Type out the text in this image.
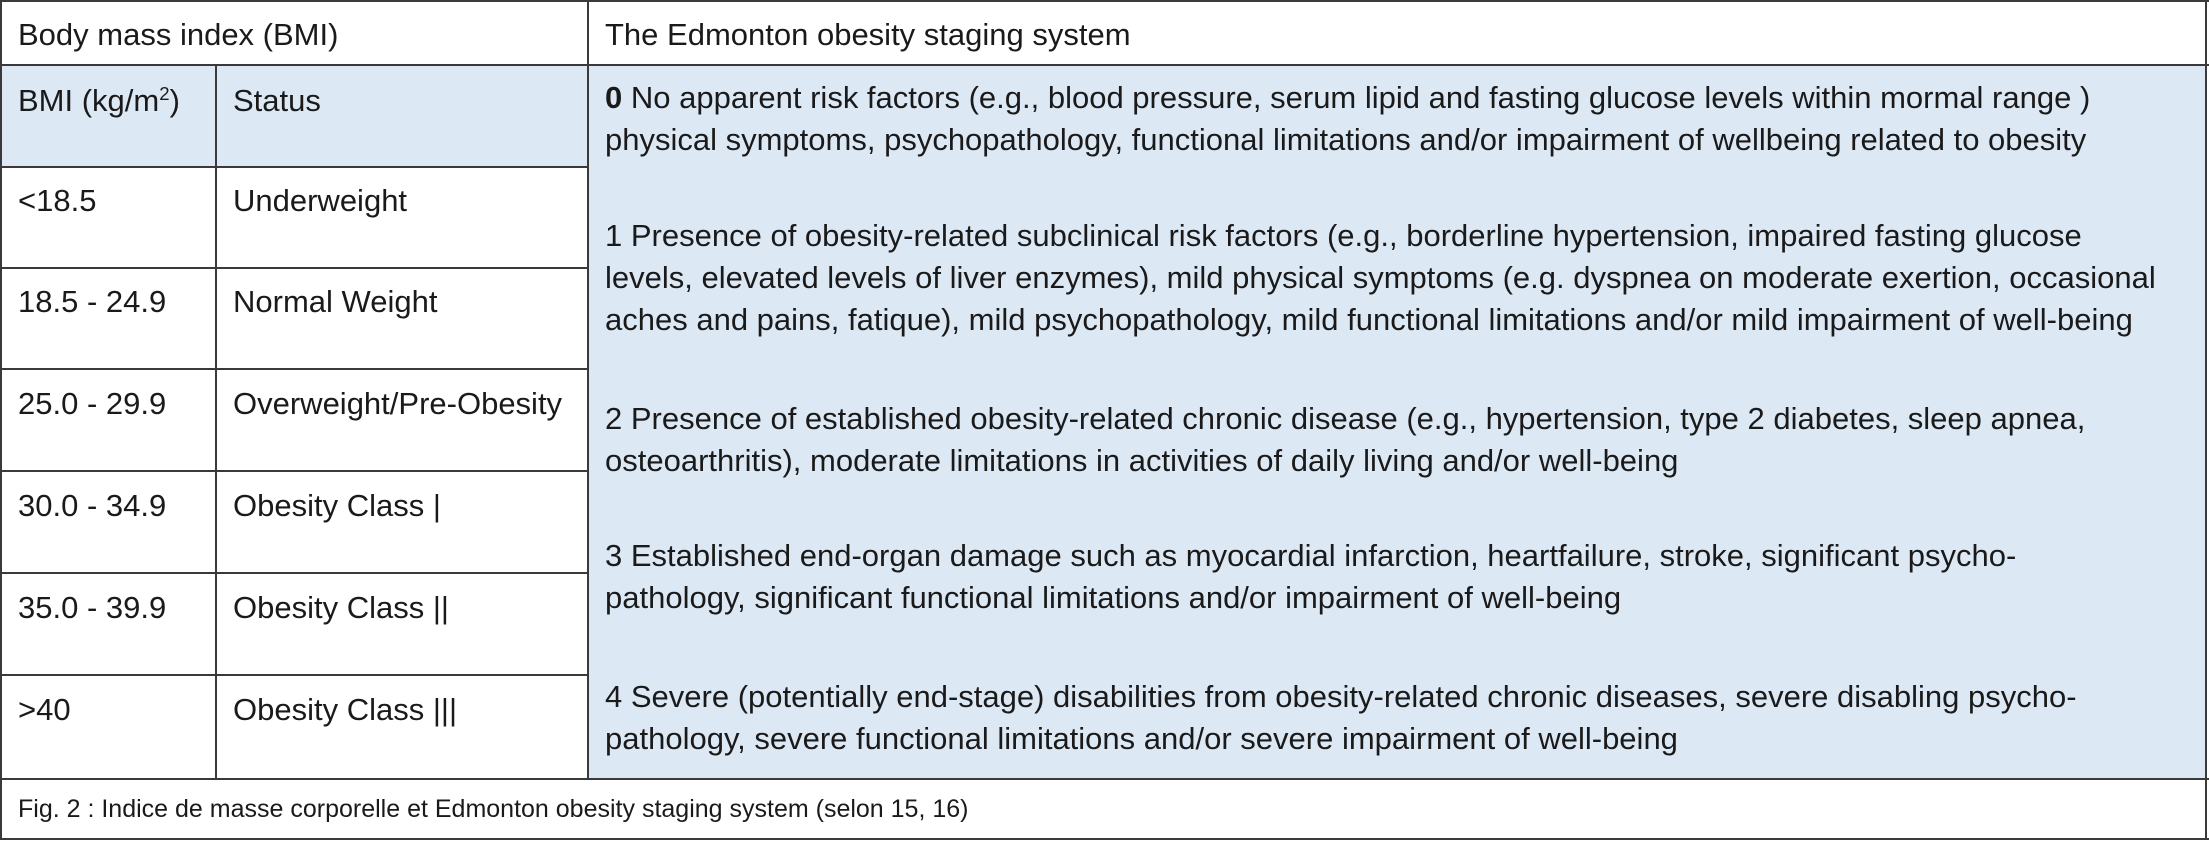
Body mass index (BMI)	The Edmonton obesity staging system
BMI $(kg/m^2)$ Status
<18.5	Underweight
18.5 - 24.9 Normal Weight
25.0 - 29.9 Overweight/Pre-Obesity
30.0 - 34.9 Obesity Class |
35.0 - 39.9 Obesity Class ||
>40	Obesity Class |||
0 No apparent risk factors (e.g., blood pressure, serum lipid and fasting glucose levels within mormal range )
physical symptoms, psychopathology, functional limitations and/or impairment of wellbeing related to obesity
1 Presence of obesity-related subclinical risk factors (e.g., borderline hypertension, impaired fasting glucose
levels, elevated levels of liver enzymes), mild physical symptoms (e.g. dyspnea on moderate exertion, occasional
aches and pains, fatique), mild psychopathology, mild functional limitations and/or mild impairment of well-being
2 Presence of established obesity-related chronic disease (e.g., hypertension, type 2 diabetes, sleep apnea,
osteoarthritis), moderate limitations in activities of daily living and/or well-being
3 Established end-organ damage such as myocardial infarction, heartfailure, stroke, significant psycho-
pathology, significant functional limitations and/or impairment of well-being
4 Severe (potentially end-stage) disabilities from obesity-related chronic diseases, severe disabling psycho-
pathology, severe functional limitations and/or severe impairment of well-being
Fig. 2 : Indice de masse corporelle et Edmonton obesity staging system (selon 15, 16)
